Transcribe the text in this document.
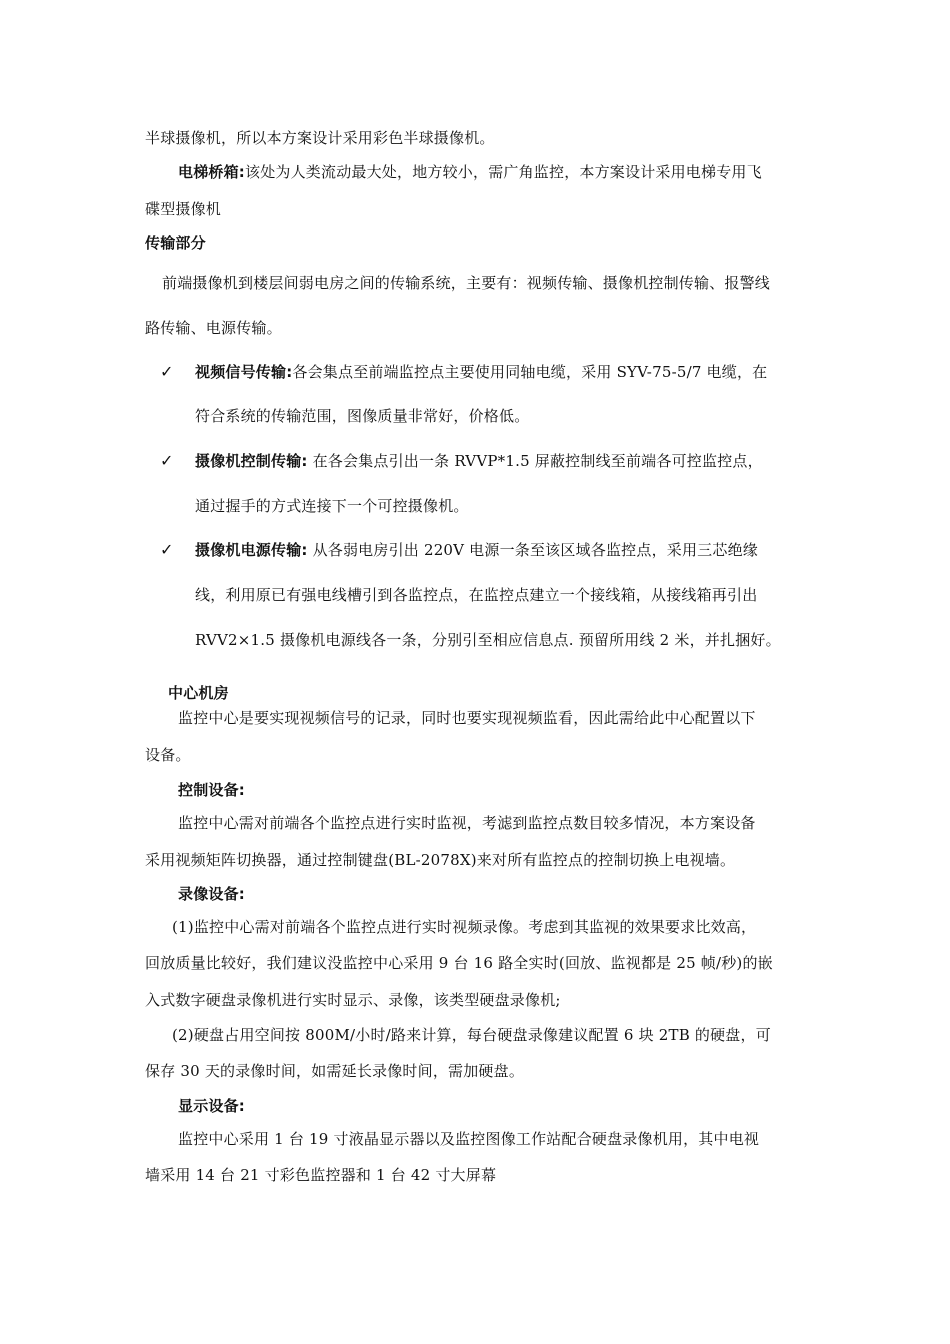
半球摄像机，所以本方案设计采用彩色半球摄像机。
电梯桥箱:该处为人类流动最大处，地方较小，需广角监控，本方案设计采用电梯专用飞
碟型摄像机
传输部分
前端摄像机到楼层间弱电房之间的传输系统，主要有：视频传输、摄像机控制传输、报警线
路传输、电源传输。
✓ 视频信号传输:各会集点至前端监控点主要使用同轴电缆，采用 SYV-75-5/7 电缆，在
符合系统的传输范围，图像质量非常好，价格低。
✓ 摄像机控制传输: 在各会集点引出一条 RVVP*1.5 屏蔽控制线至前端各可控监控点，
通过握手的方式连接下一个可控摄像机。
✓ 摄像机电源传输: 从各弱电房引出 220V 电源一条至该区域各监控点，采用三芯绝缘
线，利用原已有强电线槽引到各监控点，在监控点建立一个接线箱，从接线箱再引出
RVV2×1.5 摄像机电源线各一条，分别引至相应信息点. 预留所用线 2 米，并扎捆好。
中心机房
监控中心是要实现视频信号的记录，同时也要实现视频监看，因此需给此中心配置以下
设备。
控制设备:
监控中心需对前端各个监控点进行实时监视，考滤到监控点数目较多情况，本方案设备
采用视频矩阵切换器，通过控制键盘(BL-2078X)来对所有监控点的控制切换上电视墙。
录像设备:
(1)监控中心需对前端各个监控点进行实时视频录像。考虑到其监视的效果要求比效高，
回放质量比较好，我们建议没监控中心采用 9 台 16 路全实时(回放、监视都是 25 帧/秒)的嵌
入式数字硬盘录像机进行实时显示、录像，该类型硬盘录像机;
(2)硬盘占用空间按 800M/小时/路来计算，每台硬盘录像建议配置 6 块 2TB 的硬盘，可
保存 30 天的录像时间，如需延长录像时间，需加硬盘。
显示设备:
监控中心采用 1 台 19 寸液晶显示器以及监控图像工作站配合硬盘录像机用，其中电视
墙采用 14 台 21 寸彩色监控器和 1 台 42 寸大屏幕
